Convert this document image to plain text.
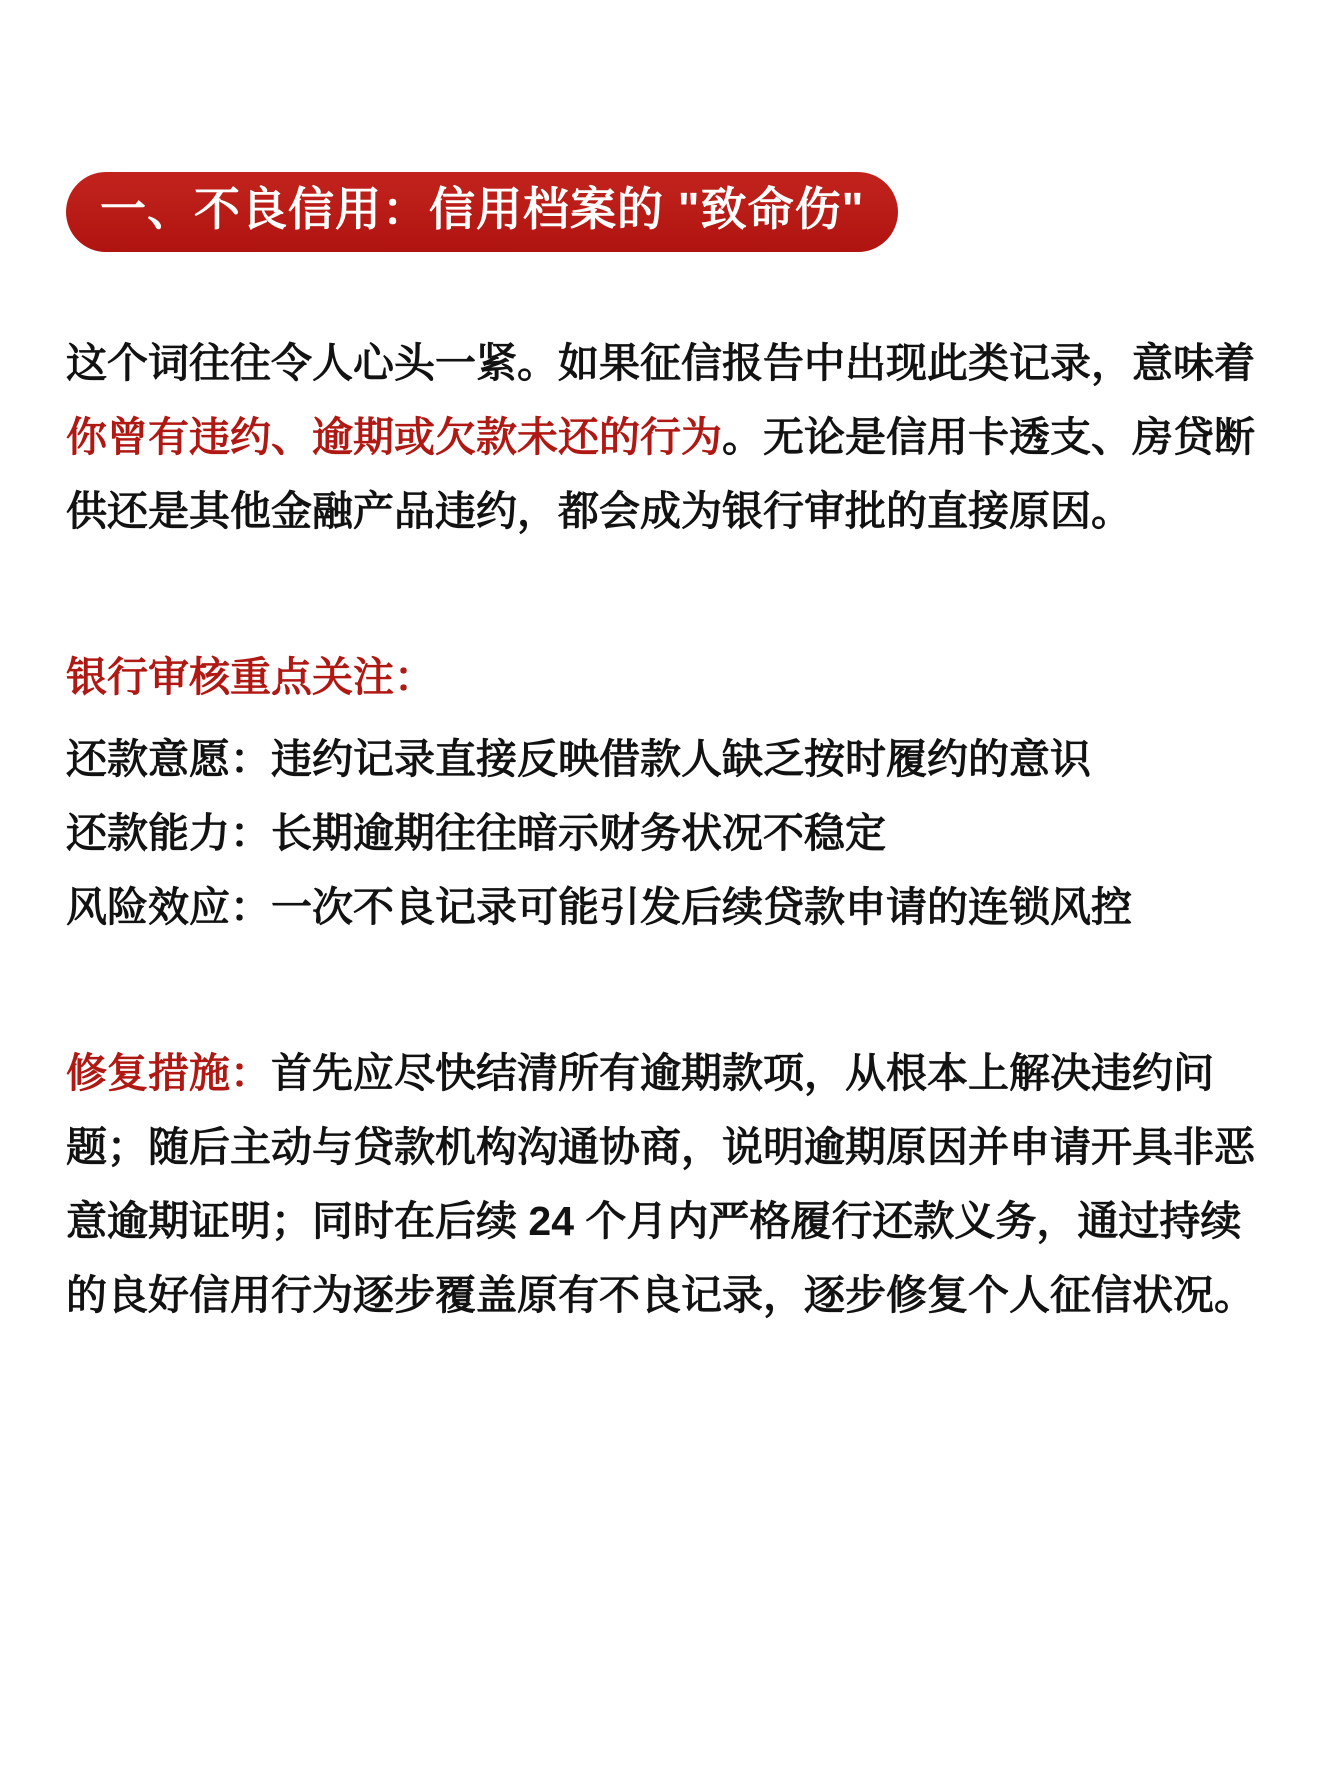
一、不良信用：信用档案的 "致命伤"

这个词往往令人心头一紧。如果征信报告中出现此类记录，意味着你曾有违约、逾期或欠款未还的行为。无论是信用卡透支、房贷断供还是其他金融产品违约，都会成为银行审批的直接原因。

银行审核重点关注：
还款意愿：违约记录直接反映借款人缺乏按时履约的意识
还款能力：长期逾期往往暗示财务状况不稳定
风险效应：一次不良记录可能引发后续贷款申请的连锁风控

修复措施：首先应尽快结清所有逾期款项，从根本上解决违约问题；随后主动与贷款机构沟通协商，说明逾期原因并申请开具非恶意逾期证明；同时在后续 24 个月内严格履行还款义务，通过持续的良好信用行为逐步覆盖原有不良记录，逐步修复个人征信状况。
